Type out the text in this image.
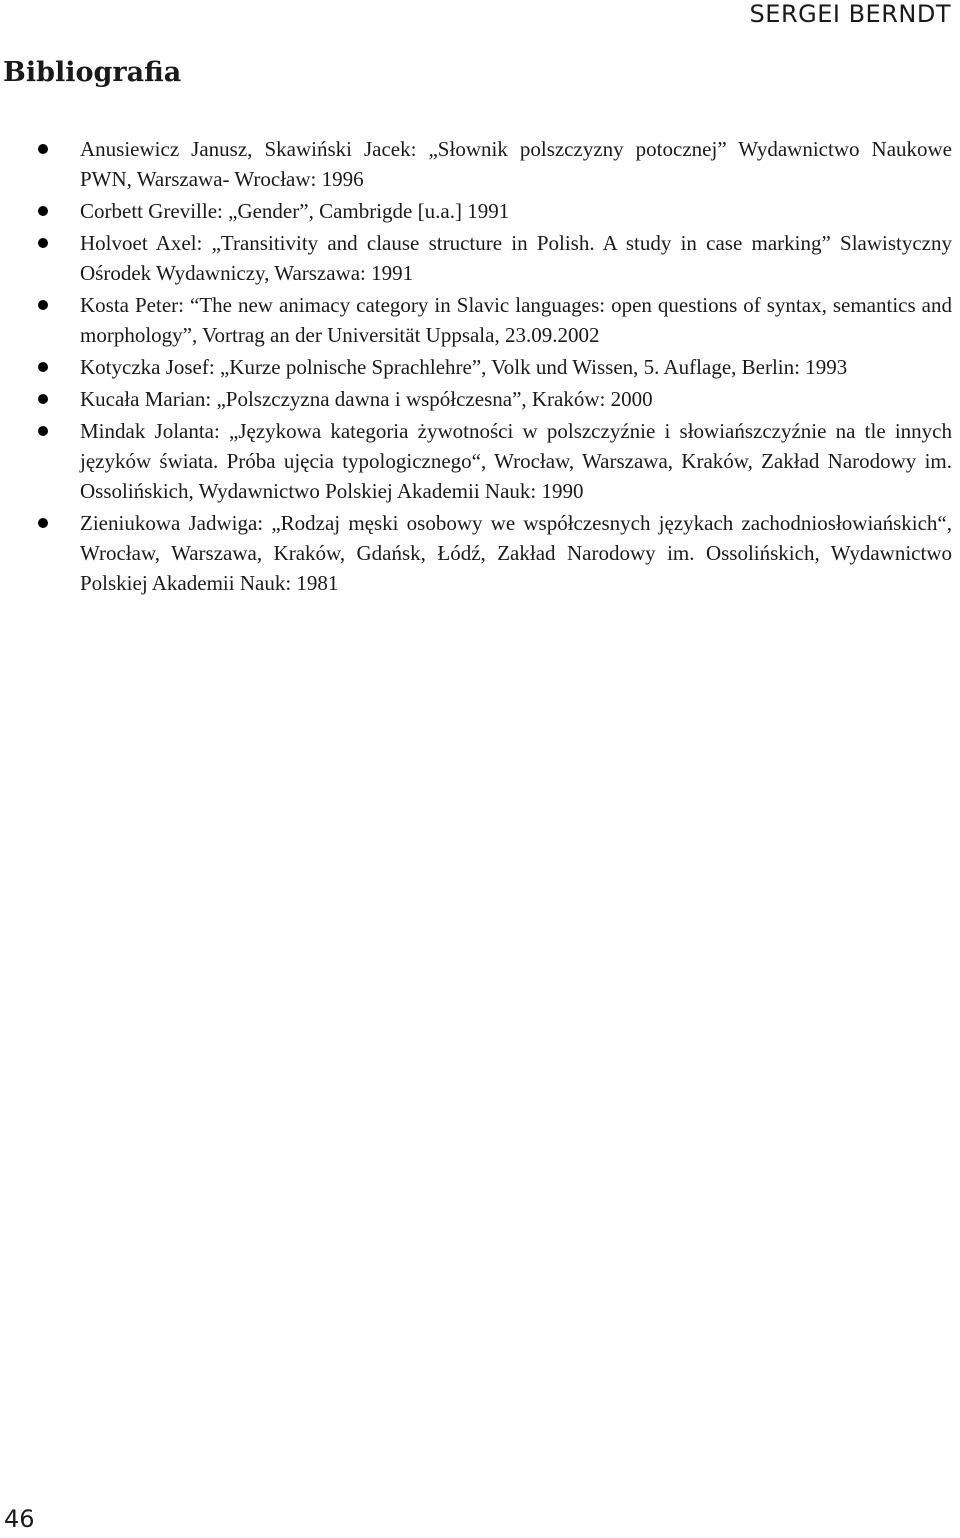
SERGEI BERNDT
Bibliografia
Anusiewicz Janusz, Skawiński Jacek: „Słownik polszczyzny potocznej” Wydawnictwo Naukowe PWN, Warszawa- Wrocław: 1996
Corbett Greville: „Gender”, Cambrigde [u.a.] 1991
Holvoet Axel: „Transitivity and clause structure in Polish. A study in case marking” Slawistyczny Ośrodek Wydawniczy, Warszawa: 1991
Kosta Peter: “The new animacy category in Slavic languages: open questions of syntax, semantics and morphology”, Vortrag an der Universität Uppsala, 23.09.2002
Kotyczka Josef: „Kurze polnische Sprachlehre”, Volk und Wissen, 5. Auflage, Berlin: 1993
Kucała Marian: „Polszczyzna dawna i współczesna”, Kraków: 2000
Mindak Jolanta: „Językowa kategoria żywotności w polszczyźnie i słowiańszczyźnie na tle innych języków świata. Próba ujęcia typologicznego“, Wrocław, Warszawa, Kraków, Zakład Narodowy im. Ossolińskich, Wydawnictwo Polskiej Akademii Nauk: 1990
Zieniukowa Jadwiga: „Rodzaj męski osobowy we współczesnych językach zachodniosłowiańskich“, Wrocław, Warszawa, Kraków, Gdańsk, Łódź, Zakład Narodowy im. Ossolińskich, Wydawnictwo Polskiej Akademii Nauk: 1981
46
